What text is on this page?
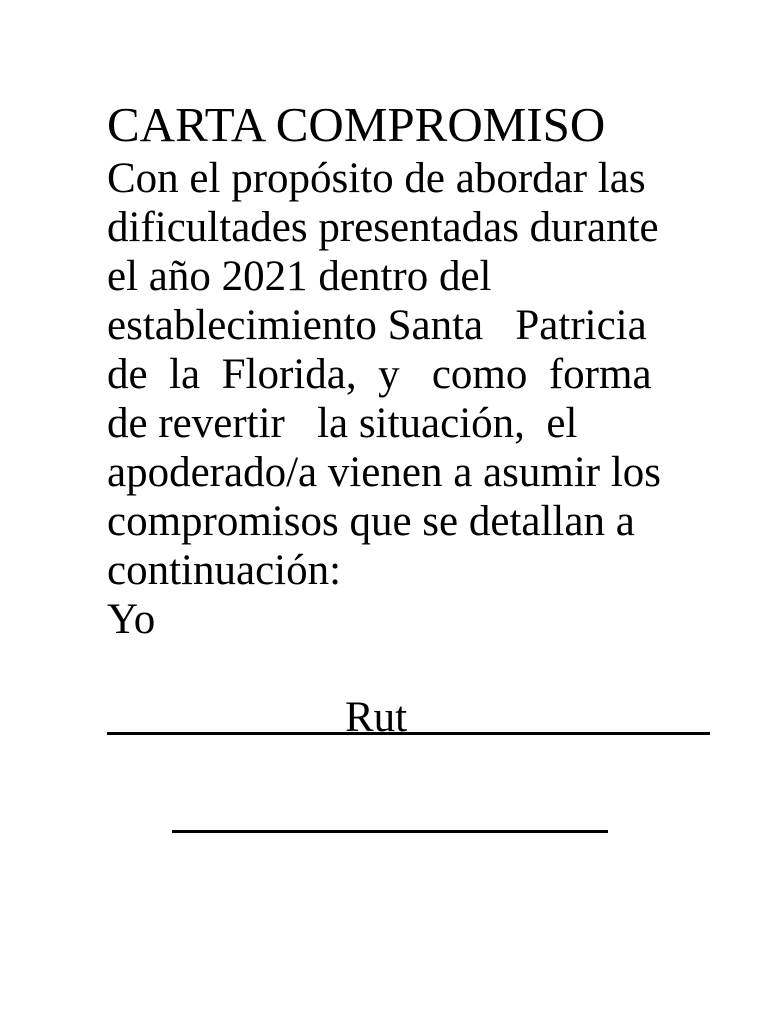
CARTA COMPROMISO
Con el propósito de abordar las
dificultades presentadas durante
el año 2021 dentro del
establecimiento Santa   Patricia
de  la  Florida,  y   como  forma
de revertir   la situación,  el
apoderado/a vienen a asumir los
compromisos que se detallan a
continuación:
Yo

Rut
